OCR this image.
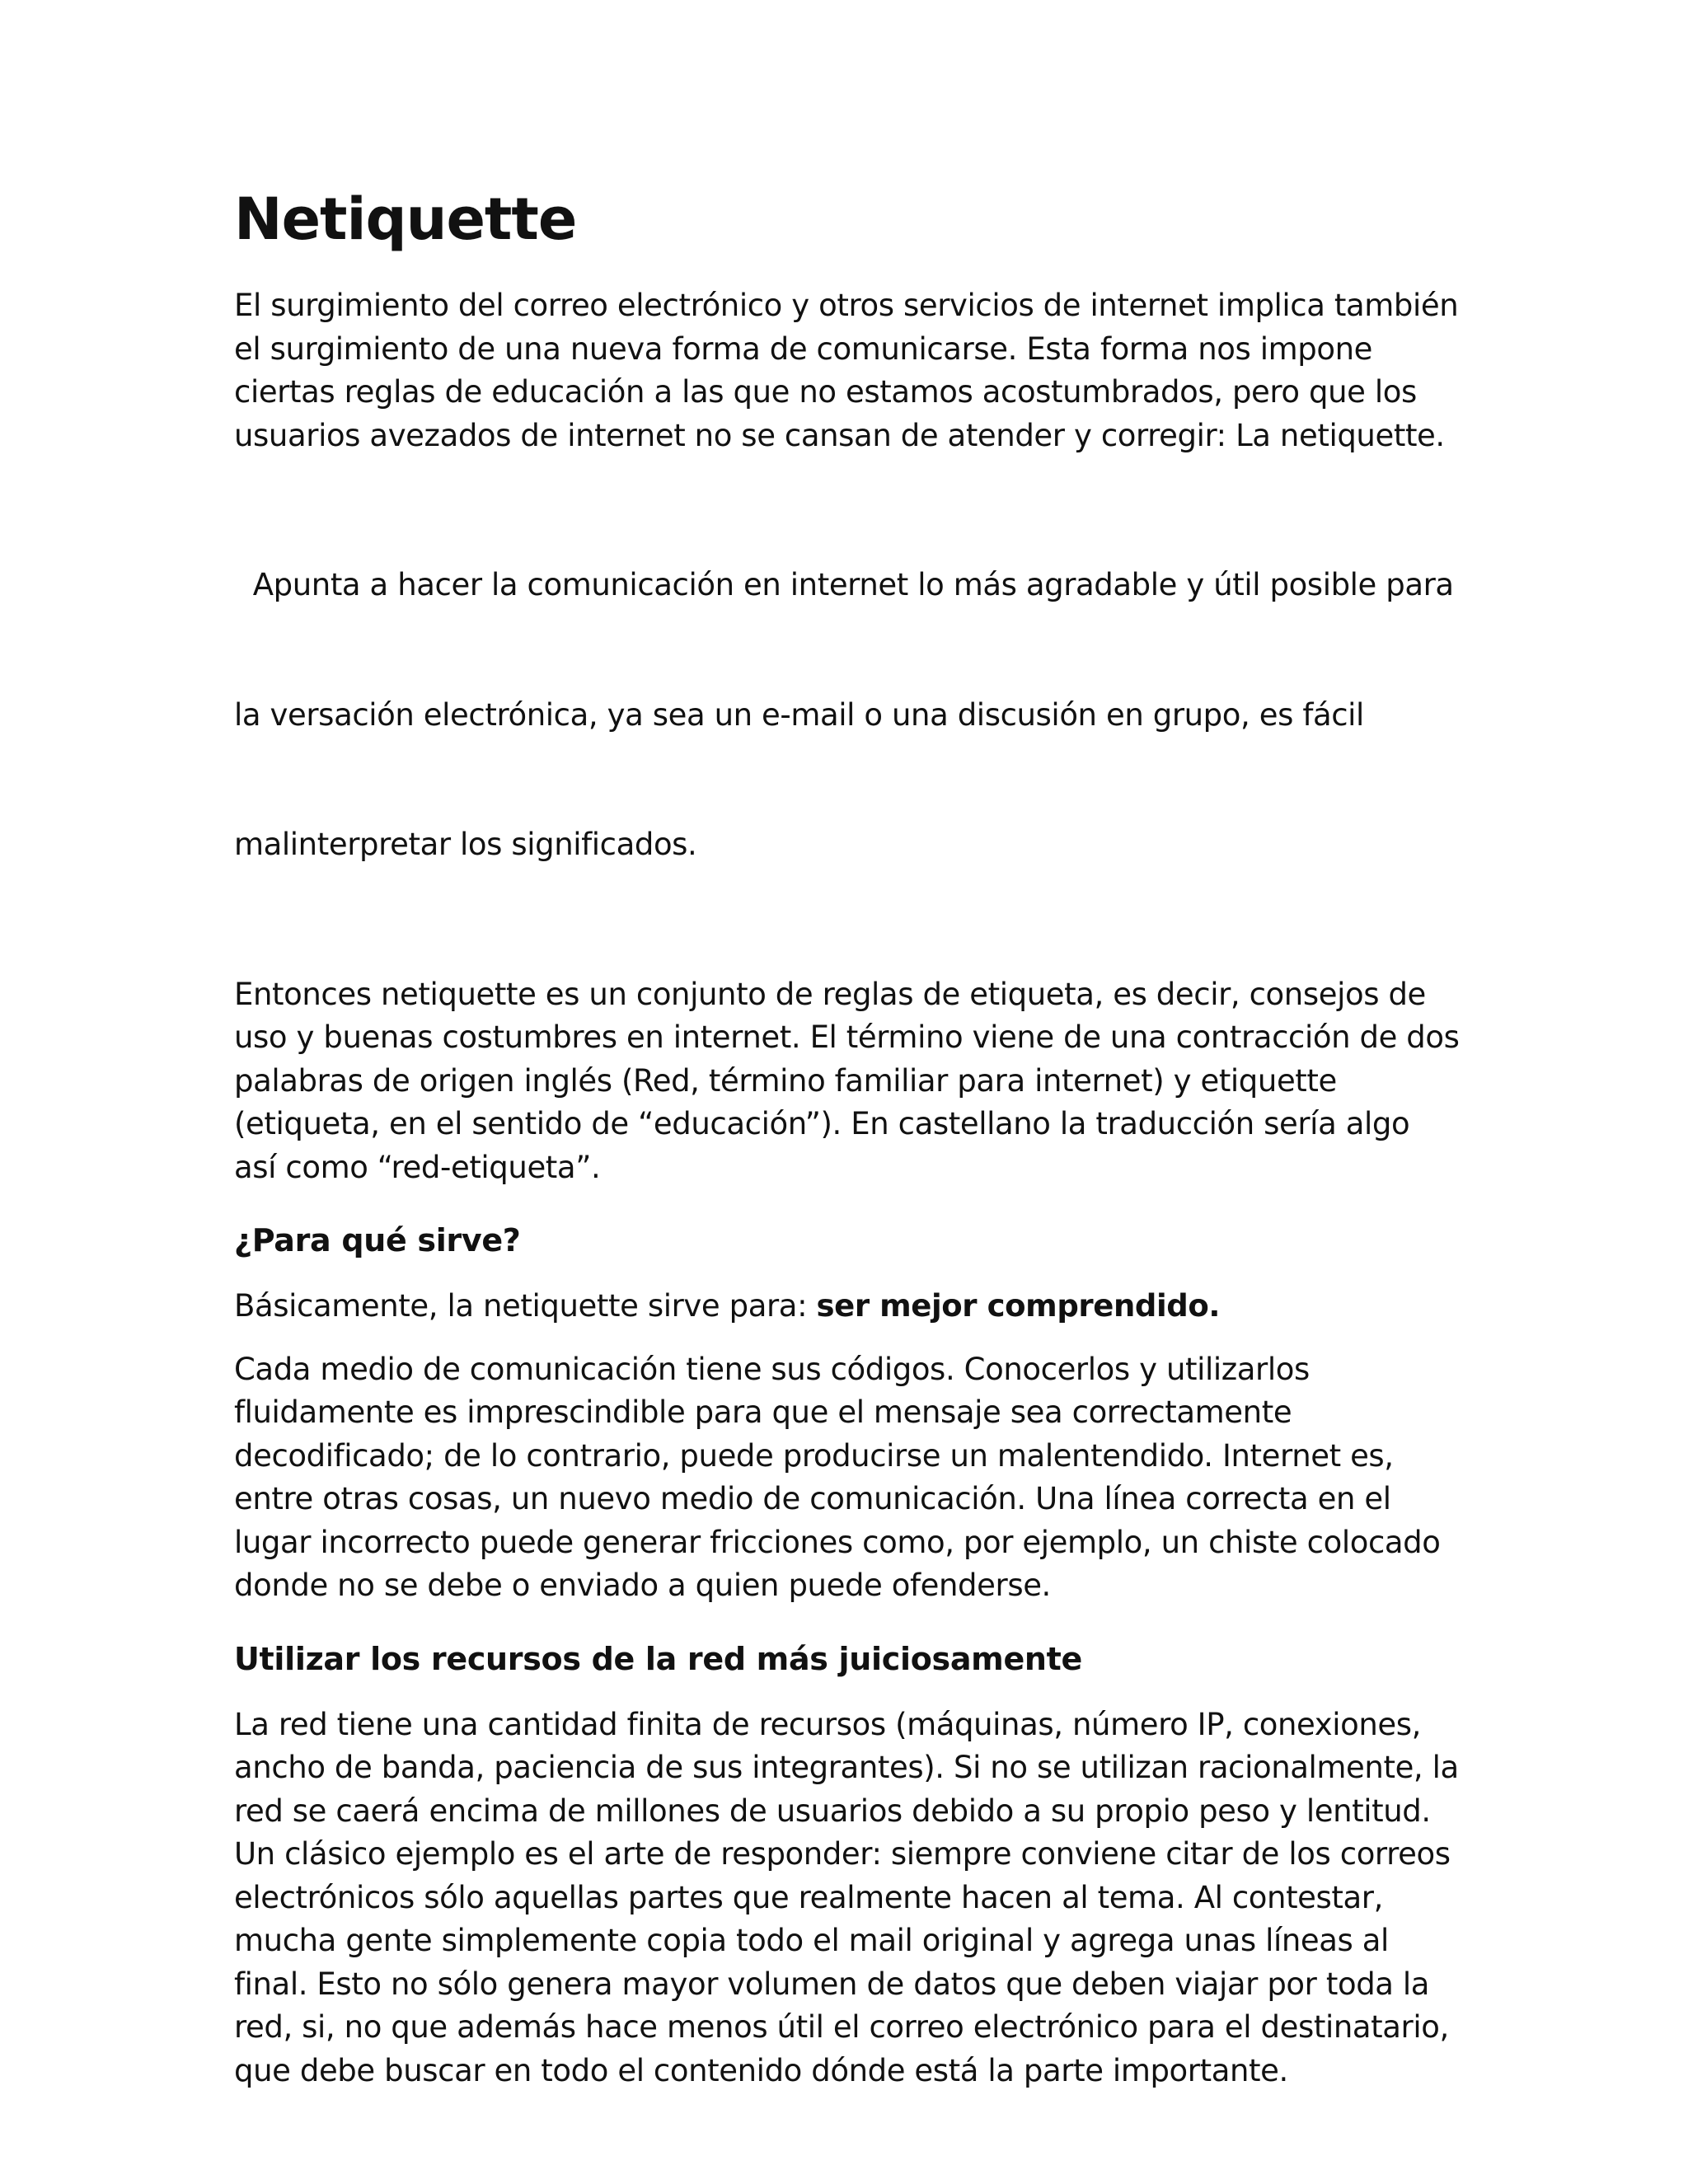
Netiquette
El surgimiento del correo electrónico y otros servicios de internet implica también
el surgimiento de una nueva forma de comunicarse. Esta forma nos impone
ciertas reglas de educación a las que no estamos acostumbrados, pero que los
usuarios avezados de internet no se cansan de atender y corregir: La netiquette.

Apunta a hacer la comunicación en internet lo más agradable y útil posible para

la versación electrónica, ya sea un e-mail o una discusión en grupo, es fácil

malinterpretar los significados.

Entonces netiquette es un conjunto de reglas de etiqueta, es decir, consejos de
uso y buenas costumbres en internet. El término viene de una contracción de dos
palabras de origen inglés (Red, término familiar para internet) y etiquette
(etiqueta, en el sentido de “educación”). En castellano la traducción sería algo
así como “red-etiqueta”.
¿Para qué sirve?
Básicamente, la netiquette sirve para: ser mejor comprendido.
Cada medio de comunicación tiene sus códigos. Conocerlos y utilizarlos
fluidamente es imprescindible para que el mensaje sea correctamente
decodificado; de lo contrario, puede producirse un malentendido. Internet es,
entre otras cosas, un nuevo medio de comunicación. Una línea correcta en el
lugar incorrecto puede generar fricciones como, por ejemplo, un chiste colocado
donde no se debe o enviado a quien puede ofenderse.
Utilizar los recursos de la red más juiciosamente
La red tiene una cantidad finita de recursos (máquinas, número IP, conexiones,
ancho de banda, paciencia de sus integrantes). Si no se utilizan racionalmente, la
red se caerá encima de millones de usuarios debido a su propio peso y lentitud.
Un clásico ejemplo es el arte de responder: siempre conviene citar de los correos
electrónicos sólo aquellas partes que realmente hacen al tema. Al contestar,
mucha gente simplemente copia todo el mail original y agrega unas líneas al
final. Esto no sólo genera mayor volumen de datos que deben viajar por toda la
red, si, no que además hace menos útil el correo electrónico para el destinatario,
que debe buscar en todo el contenido dónde está la parte importante.
